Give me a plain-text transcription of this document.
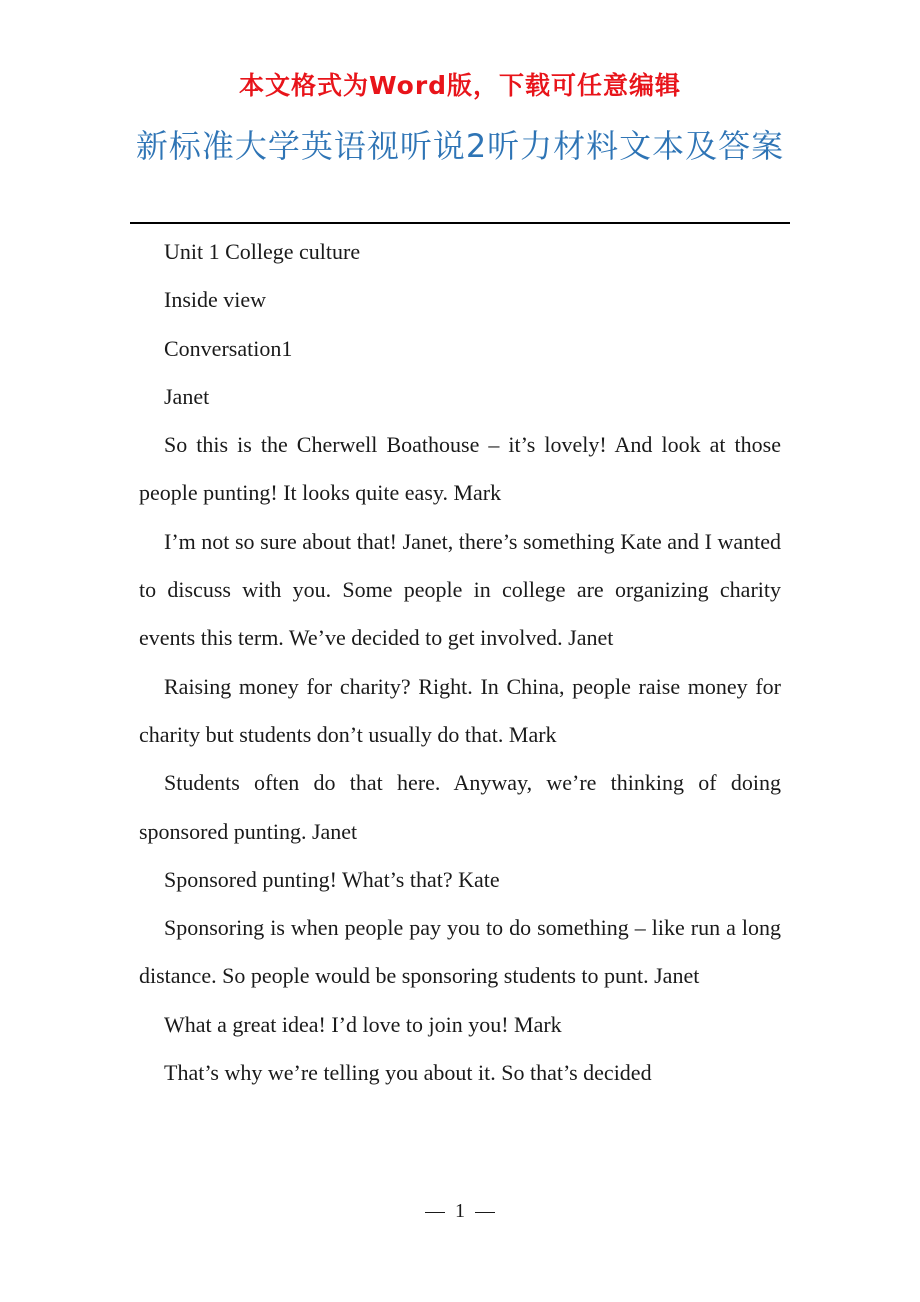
本文格式为Word版，下载可任意编辑
新标准大学英语视听说2听力材料文本及答案

Unit 1 College culture

Inside view

Conversation1

Janet

So this is the Cherwell Boathouse – it’s lovely! And look at those people punting! It looks quite easy. Mark

I’m not so sure about that! Janet, there’s something Kate and I wanted to discuss with you. Some people in college are organizing charity events this term. We’ve decided to get involved. Janet

Raising money for charity? Right. In China, people raise money for charity but students don’t usually do that. Mark

Students often do that here. Anyway, we’re thinking of doing sponsored punting. Janet

Sponsored punting! What’s that? Kate

Sponsoring is when people pay you to do something – like run a long distance. So people would be sponsoring students to punt. Janet

What a great idea! I’d love to join you! Mark

That’s why we’re telling you about it. So that’s decided

1
